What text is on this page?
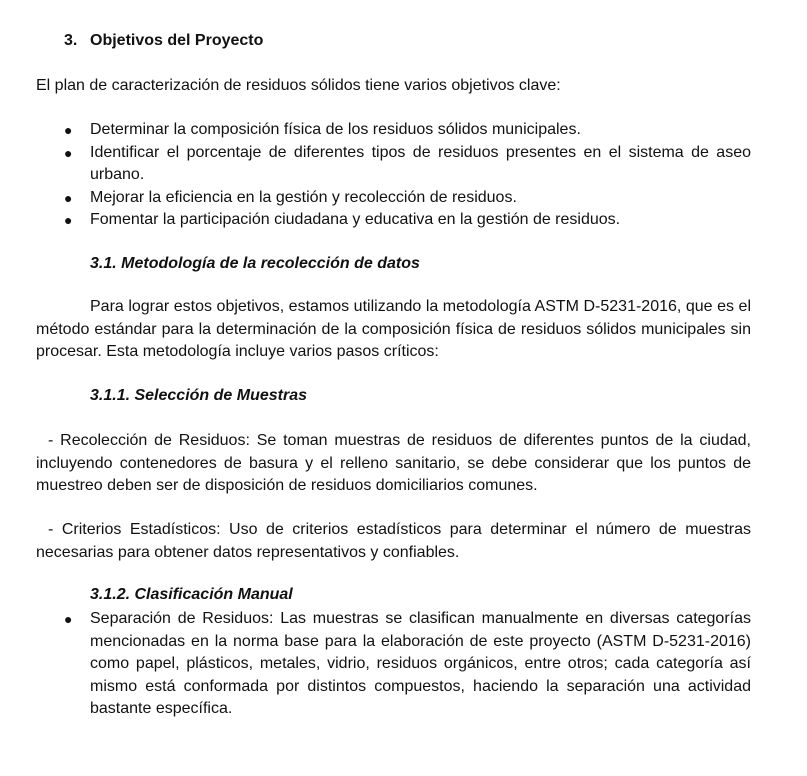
3. Objetivos del Proyecto
El plan de caracterización de residuos sólidos tiene varios objetivos clave:
● Determinar la composición física de los residuos sólidos municipales.
● Identificar el porcentaje de diferentes tipos de residuos presentes en el sistema de aseo urbano.
● Mejorar la eficiencia en la gestión y recolección de residuos.
● Fomentar la participación ciudadana y educativa en la gestión de residuos.
3.1. Metodología de la recolección de datos
Para lograr estos objetivos, estamos utilizando la metodología ASTM D-5231-2016, que es el método estándar para la determinación de la composición física de residuos sólidos municipales sin procesar. Esta metodología incluye varios pasos críticos:
3.1.1. Selección de Muestras
- Recolección de Residuos: Se toman muestras de residuos de diferentes puntos de la ciudad, incluyendo contenedores de basura y el relleno sanitario, se debe considerar que los puntos de muestreo deben ser de disposición de residuos domiciliarios comunes.
- Criterios Estadísticos: Uso de criterios estadísticos para determinar el número de muestras necesarias para obtener datos representativos y confiables.
3.1.2. Clasificación Manual
● Separación de Residuos: Las muestras se clasifican manualmente en diversas categorías mencionadas en la norma base para la elaboración de este proyecto (ASTM D-5231-2016) como papel, plásticos, metales, vidrio, residuos orgánicos, entre otros; cada categoría así mismo está conformada por distintos compuestos, haciendo la separación una actividad bastante específica.
